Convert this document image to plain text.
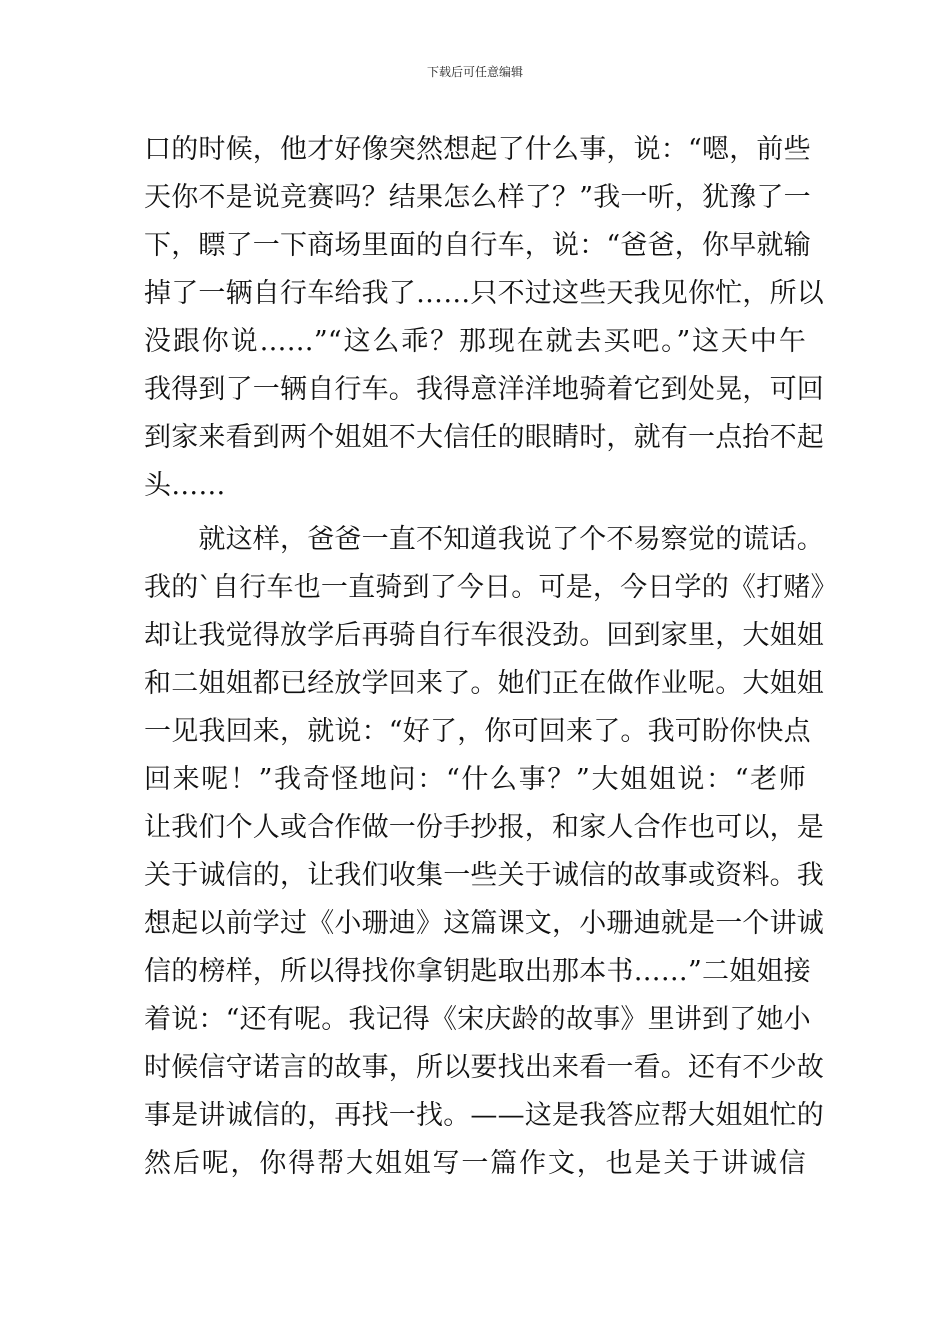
下载后可任意编辑
口的时候，他才好像突然想起了什么事，说：“嗯，前些
天你不是说竞赛吗？结果怎么样了？”我一听，犹豫了一
下，瞟了一下商场里面的自行车，说：“爸爸，你早就输
掉了一辆自行车给我了……只不过这些天我见你忙，所以
没跟你说……”“这么乖？那现在就去买吧。”这天中午
我得到了一辆自行车。我得意洋洋地骑着它到处晃，可回
到家来看到两个姐姐不大信任的眼睛时，就有一点抬不起
头……
　　就这样，爸爸一直不知道我说了个不易察觉的谎话。
我的`自行车也一直骑到了今日。可是，今日学的《打赌》
却让我觉得放学后再骑自行车很没劲。回到家里，大姐姐
和二姐姐都已经放学回来了。她们正在做作业呢。大姐姐
一见我回来，就说：“好了，你可回来了。我可盼你快点
回来呢！”我奇怪地问：“什么事？”大姐姐说：“老师
让我们个人或合作做一份手抄报，和家人合作也可以，是
关于诚信的，让我们收集一些关于诚信的故事或资料。我
想起以前学过《小珊迪》这篇课文，小珊迪就是一个讲诚
信的榜样，所以得找你拿钥匙取出那本书……”二姐姐接
着说：“还有呢。我记得《宋庆龄的故事》里讲到了她小
时候信守诺言的故事，所以要找出来看一看。还有不少故
事是讲诚信的，再找一找。——这是我答应帮大姐姐忙的
然后呢，你得帮大姐姐写一篇作文，也是关于讲诚信
